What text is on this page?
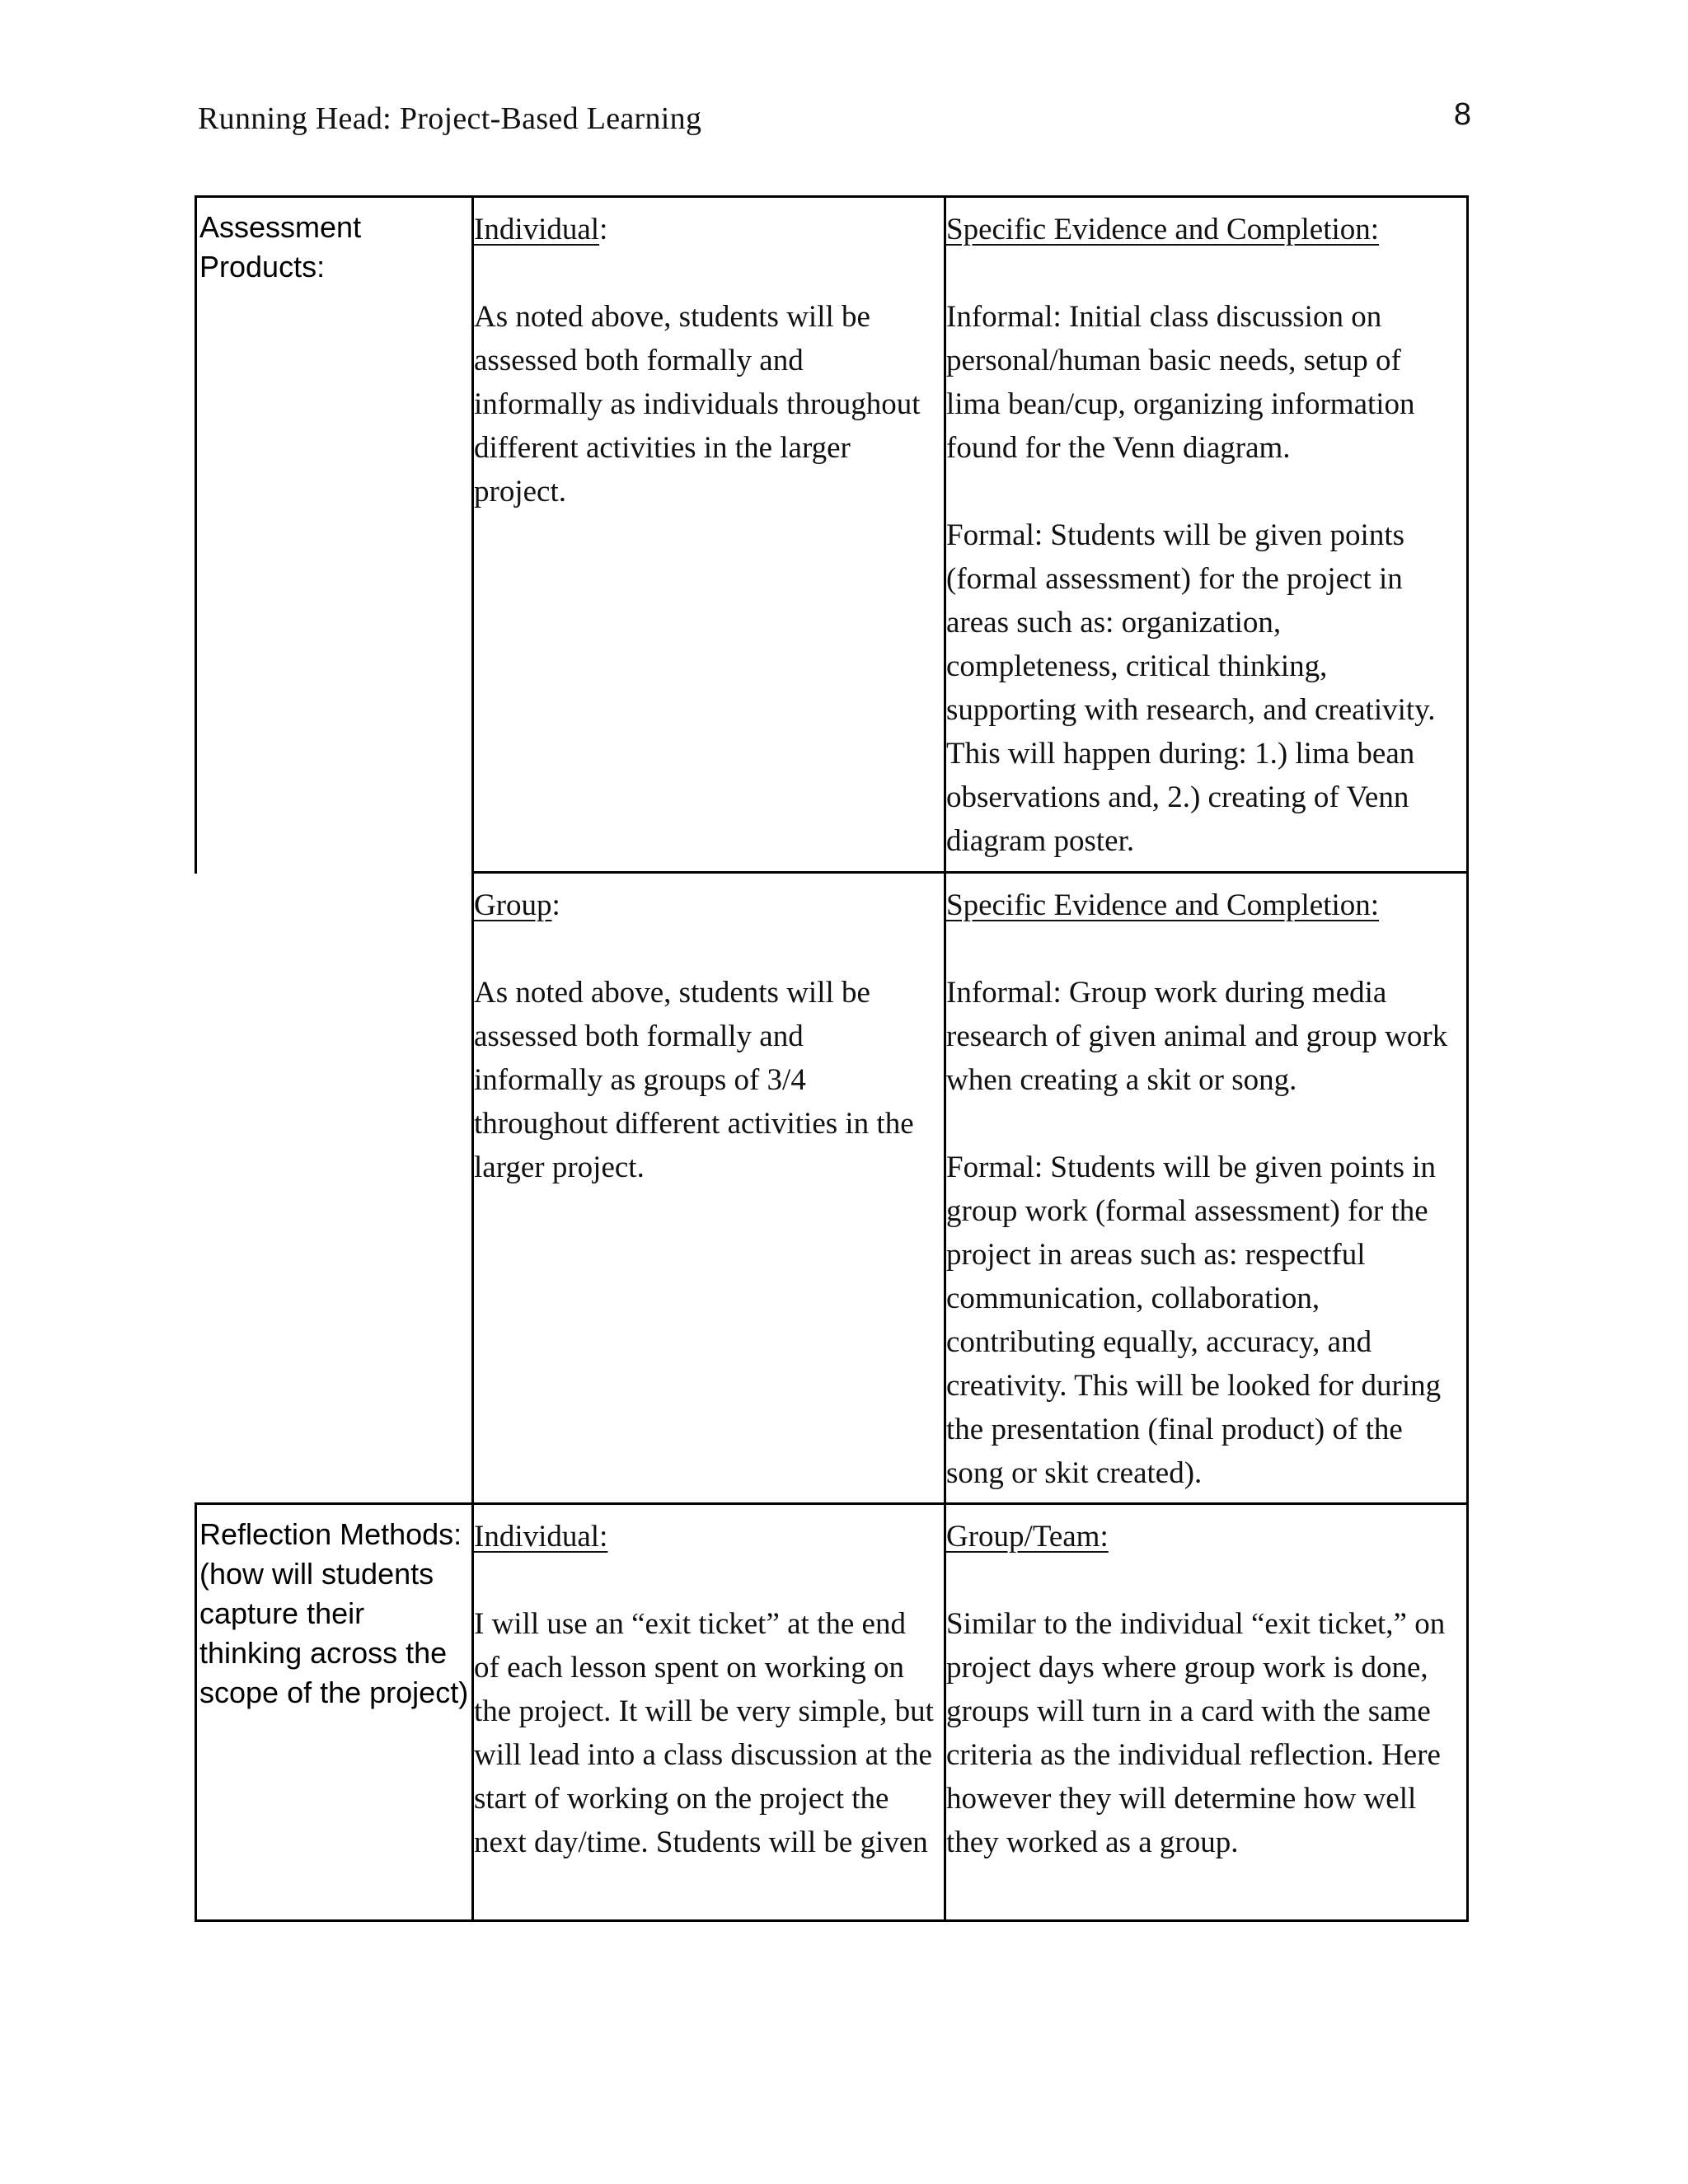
Running Head: Project-Based Learning	8
Assessment Products:

Individual:

As noted above, students will be assessed both formally and informally as individuals throughout different activities in the larger project.

Specific Evidence and Completion:

Informal: Initial class discussion on personal/human basic needs, setup of lima bean/cup, organizing information found for the Venn diagram.

Formal: Students will be given points (formal assessment) for the project in areas such as: organization, completeness, critical thinking, supporting with research, and creativity. This will happen during: 1.) lima bean observations and, 2.) creating of Venn diagram poster.

Group:

As noted above, students will be assessed both formally and informally as groups of 3/4 throughout different activities in the larger project.

Specific Evidence and Completion:

Informal: Group work during media research of given animal and group work when creating a skit or song.

Formal: Students will be given points in group work (formal assessment) for the project in areas such as: respectful communication, collaboration, contributing equally, accuracy, and creativity. This will be looked for during the presentation (final product) of the song or skit created).

Reflection Methods: (how will students capture their thinking across the scope of the project)

Individual:

I will use an “exit ticket” at the end of each lesson spent on working on the project. It will be very simple, but will lead into a class discussion at the start of working on the project the next day/time. Students will be given

Group/Team:

Similar to the individual “exit ticket,” on project days where group work is done, groups will turn in a card with the same criteria as the individual reflection. Here however they will determine how well they worked as a group.
